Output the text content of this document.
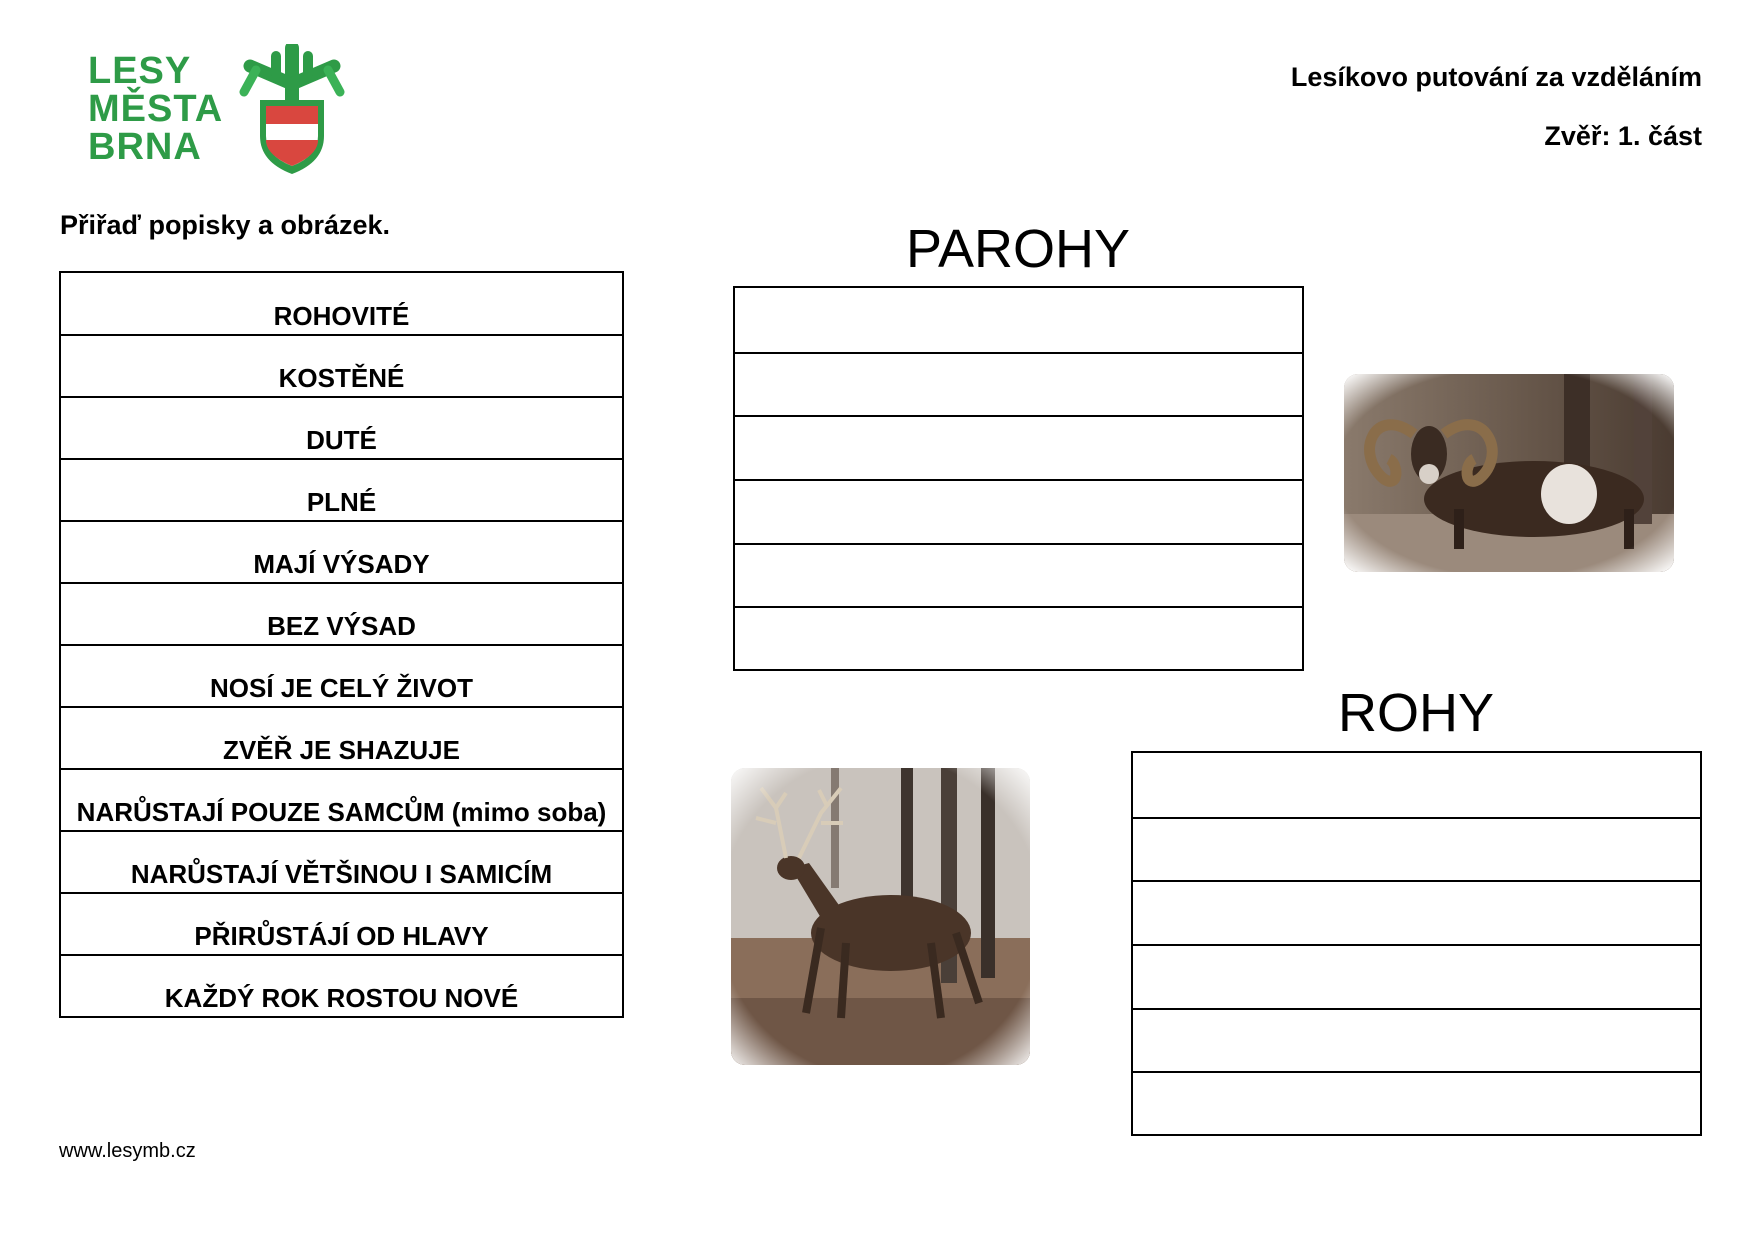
LESY
MĚSTA
BRNA
Lesíkovo putování za vzděláním
Zvěř: 1. část
Přiřaď popisky a obrázek.
ROHOVITÉ
KOSTĚNÉ
DUTÉ
PLNÉ
MAJÍ VÝSADY
BEZ VÝSAD
NOSÍ JE CELÝ ŽIVOT
ZVĚŘ JE SHAZUJE
NARŮSTAJÍ POUZE SAMCŮM (mimo soba)
NARŮSTAJÍ VĚTŠINOU I SAMICÍM
PŘIRŮSTÁJÍ OD HLAVY
KAŽDÝ ROK ROSTOU NOVÉ
PAROHY
ROHY
www.lesymb.cz
